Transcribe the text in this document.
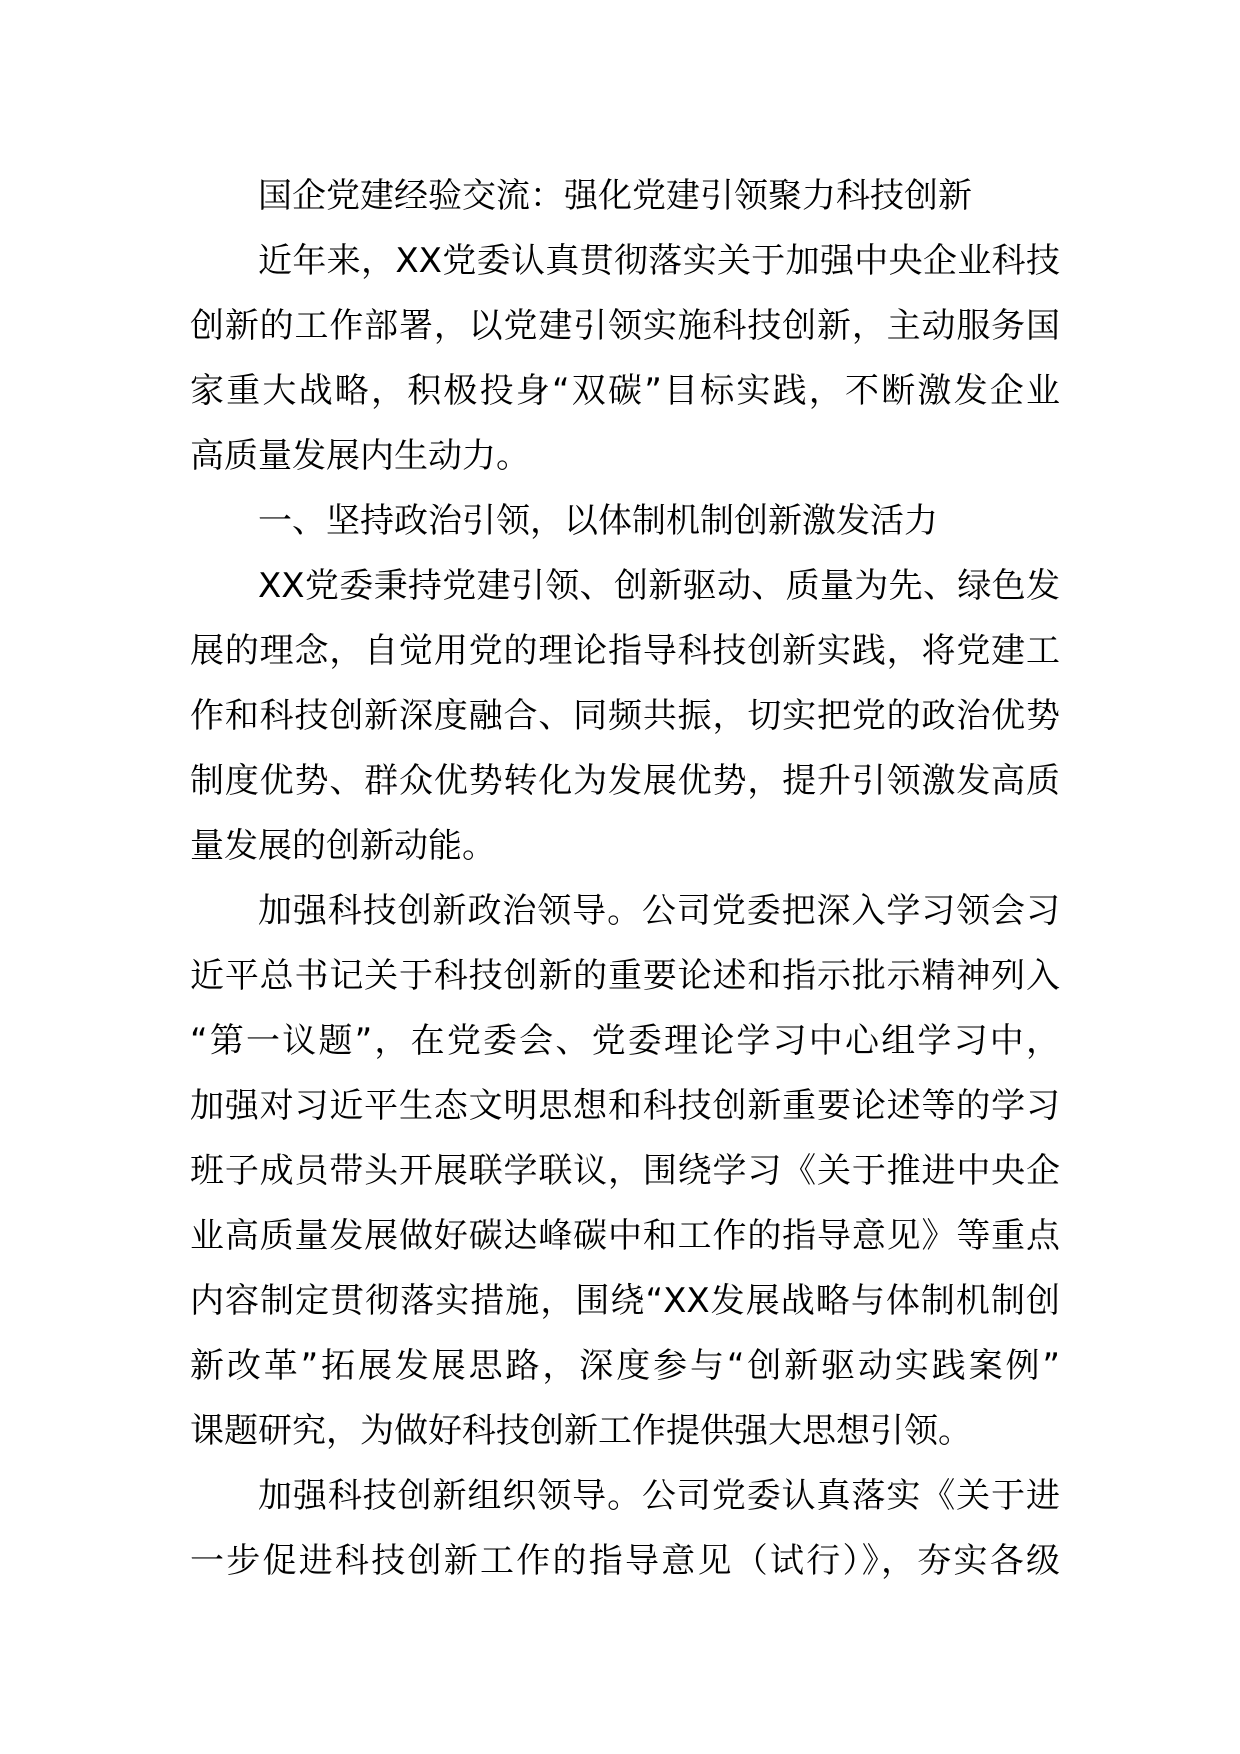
国企党建经验交流：强化党建引领聚力科技创新
近年来，XX党委认真贯彻落实关于加强中央企业科技
创新的工作部署，以党建引领实施科技创新，主动服务国
家重大战略，积极投身“双碳”目标实践，不断激发企业
高质量发展内生动力。
一、坚持政治引领，以体制机制创新激发活力
XX党委秉持党建引领、创新驱动、质量为先、绿色发
展的理念，自觉用党的理论指导科技创新实践，将党建工
作和科技创新深度融合、同频共振，切实把党的政治优势
制度优势、群众优势转化为发展优势，提升引领激发高质
量发展的创新动能。
加强科技创新政治领导。公司党委把深入学习领会习
近平总书记关于科技创新的重要论述和指示批示精神列入
“第一议题”，在党委会、党委理论学习中心组学习中，
加强对习近平生态文明思想和科技创新重要论述等的学习
班子成员带头开展联学联议，围绕学习《关于推进中央企
业高质量发展做好碳达峰碳中和工作的指导意见》等重点
内容制定贯彻落实措施，围绕“XX发展战略与体制机制创
新改革”拓展发展思路，深度参与“创新驱动实践案例”
课题研究，为做好科技创新工作提供强大思想引领。
加强科技创新组织领导。公司党委认真落实《关于进
一步促进科技创新工作的指导意见（试行）》，夯实各级
